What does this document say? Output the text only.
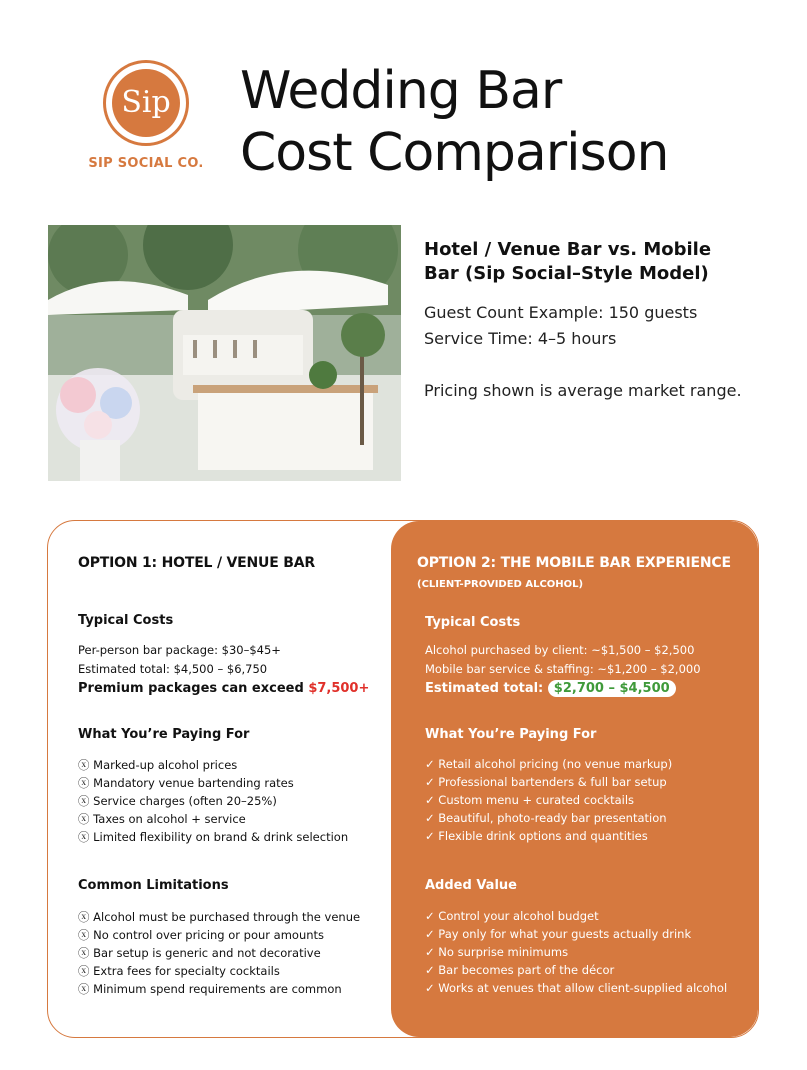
Sip
SIP SOCIAL CO.
Wedding Bar
Cost Comparison
Hotel / Venue Bar vs. Mobile
Bar (Sip Social–Style Model)

Guest Count Example: 150 guests

Service Time: 4–5 hours

Pricing shown is average market range.

OPTION 1: HOTEL / VENUE BAR
Typical Costs
Per-person bar package: $30–$45+
Estimated total: $4,500 – $6,750
Premium packages can exceed $7,500+
What You’re Paying For
ⓧ Marked-up alcohol prices
ⓧ Mandatory venue bartending rates
ⓧ Service charges (often 20–25%)
ⓧ Taxes on alcohol + service
ⓧ Limited flexibility on brand & drink selection
Common Limitations
ⓧ Alcohol must be purchased through the venue
ⓧ No control over pricing or pour amounts
ⓧ Bar setup is generic and not decorative
ⓧ Extra fees for specialty cocktails
ⓧ Minimum spend requirements are common
OPTION 2: THE MOBILE BAR EXPERIENCE
(CLIENT-PROVIDED ALCOHOL)
Typical Costs
Alcohol purchased by client: ~$1,500 – $2,500
Mobile bar service & staffing: ~$1,200 – $2,000
Estimated total: $2,700 – $4,500
What You’re Paying For
✓ Retail alcohol pricing (no venue markup)
✓ Professional bartenders & full bar setup
✓ Custom menu + curated cocktails
✓ Beautiful, photo-ready bar presentation
✓ Flexible drink options and quantities
Added Value
✓ Control your alcohol budget
✓ Pay only for what your guests actually drink
✓ No surprise minimums
✓ Bar becomes part of the décor
✓ Works at venues that allow client-supplied alcohol
